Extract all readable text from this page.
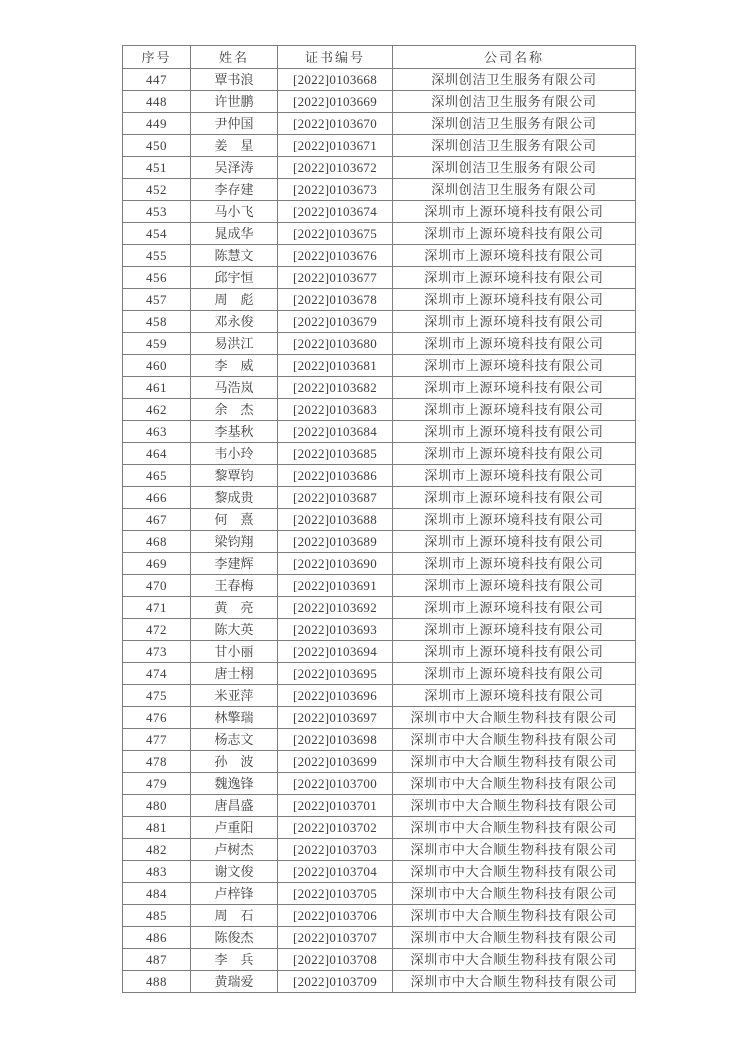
序号	姓名	证书编号	公司名称
447	覃书浪	[2022]0103668	深圳创洁卫生服务有限公司
448	许世鹏	[2022]0103669	深圳创洁卫生服务有限公司
449	尹仲国	[2022]0103670	深圳创洁卫生服务有限公司
450	姜　星	[2022]0103671	深圳创洁卫生服务有限公司
451	吴泽涛	[2022]0103672	深圳创洁卫生服务有限公司
452	李存建	[2022]0103673	深圳创洁卫生服务有限公司
453	马小飞	[2022]0103674	深圳市上源环境科技有限公司
454	晁成华	[2022]0103675	深圳市上源环境科技有限公司
455	陈慧文	[2022]0103676	深圳市上源环境科技有限公司
456	邱宇恒	[2022]0103677	深圳市上源环境科技有限公司
457	周　彪	[2022]0103678	深圳市上源环境科技有限公司
458	邓永俊	[2022]0103679	深圳市上源环境科技有限公司
459	易洪江	[2022]0103680	深圳市上源环境科技有限公司
460	李　威	[2022]0103681	深圳市上源环境科技有限公司
461	马浩岚	[2022]0103682	深圳市上源环境科技有限公司
462	余　杰	[2022]0103683	深圳市上源环境科技有限公司
463	李基秋	[2022]0103684	深圳市上源环境科技有限公司
464	韦小玲	[2022]0103685	深圳市上源环境科技有限公司
465	黎覃钧	[2022]0103686	深圳市上源环境科技有限公司
466	黎成贵	[2022]0103687	深圳市上源环境科技有限公司
467	何　熹	[2022]0103688	深圳市上源环境科技有限公司
468	梁钧翔	[2022]0103689	深圳市上源环境科技有限公司
469	李建辉	[2022]0103690	深圳市上源环境科技有限公司
470	王春梅	[2022]0103691	深圳市上源环境科技有限公司
471	黄　亮	[2022]0103692	深圳市上源环境科技有限公司
472	陈大英	[2022]0103693	深圳市上源环境科技有限公司
473	甘小丽	[2022]0103694	深圳市上源环境科技有限公司
474	唐士栩	[2022]0103695	深圳市上源环境科技有限公司
475	米亚萍	[2022]0103696	深圳市上源环境科技有限公司
476	林擎瑞	[2022]0103697	深圳市中大合顺生物科技有限公司
477	杨志文	[2022]0103698	深圳市中大合顺生物科技有限公司
478	孙　波	[2022]0103699	深圳市中大合顺生物科技有限公司
479	魏逸锋	[2022]0103700	深圳市中大合顺生物科技有限公司
480	唐昌盛	[2022]0103701	深圳市中大合顺生物科技有限公司
481	卢重阳	[2022]0103702	深圳市中大合顺生物科技有限公司
482	卢树杰	[2022]0103703	深圳市中大合顺生物科技有限公司
483	谢文俊	[2022]0103704	深圳市中大合顺生物科技有限公司
484	卢梓锋	[2022]0103705	深圳市中大合顺生物科技有限公司
485	周　石	[2022]0103706	深圳市中大合顺生物科技有限公司
486	陈俊杰	[2022]0103707	深圳市中大合顺生物科技有限公司
487	李　兵	[2022]0103708	深圳市中大合顺生物科技有限公司
488	黄瑞爱	[2022]0103709	深圳市中大合顺生物科技有限公司
